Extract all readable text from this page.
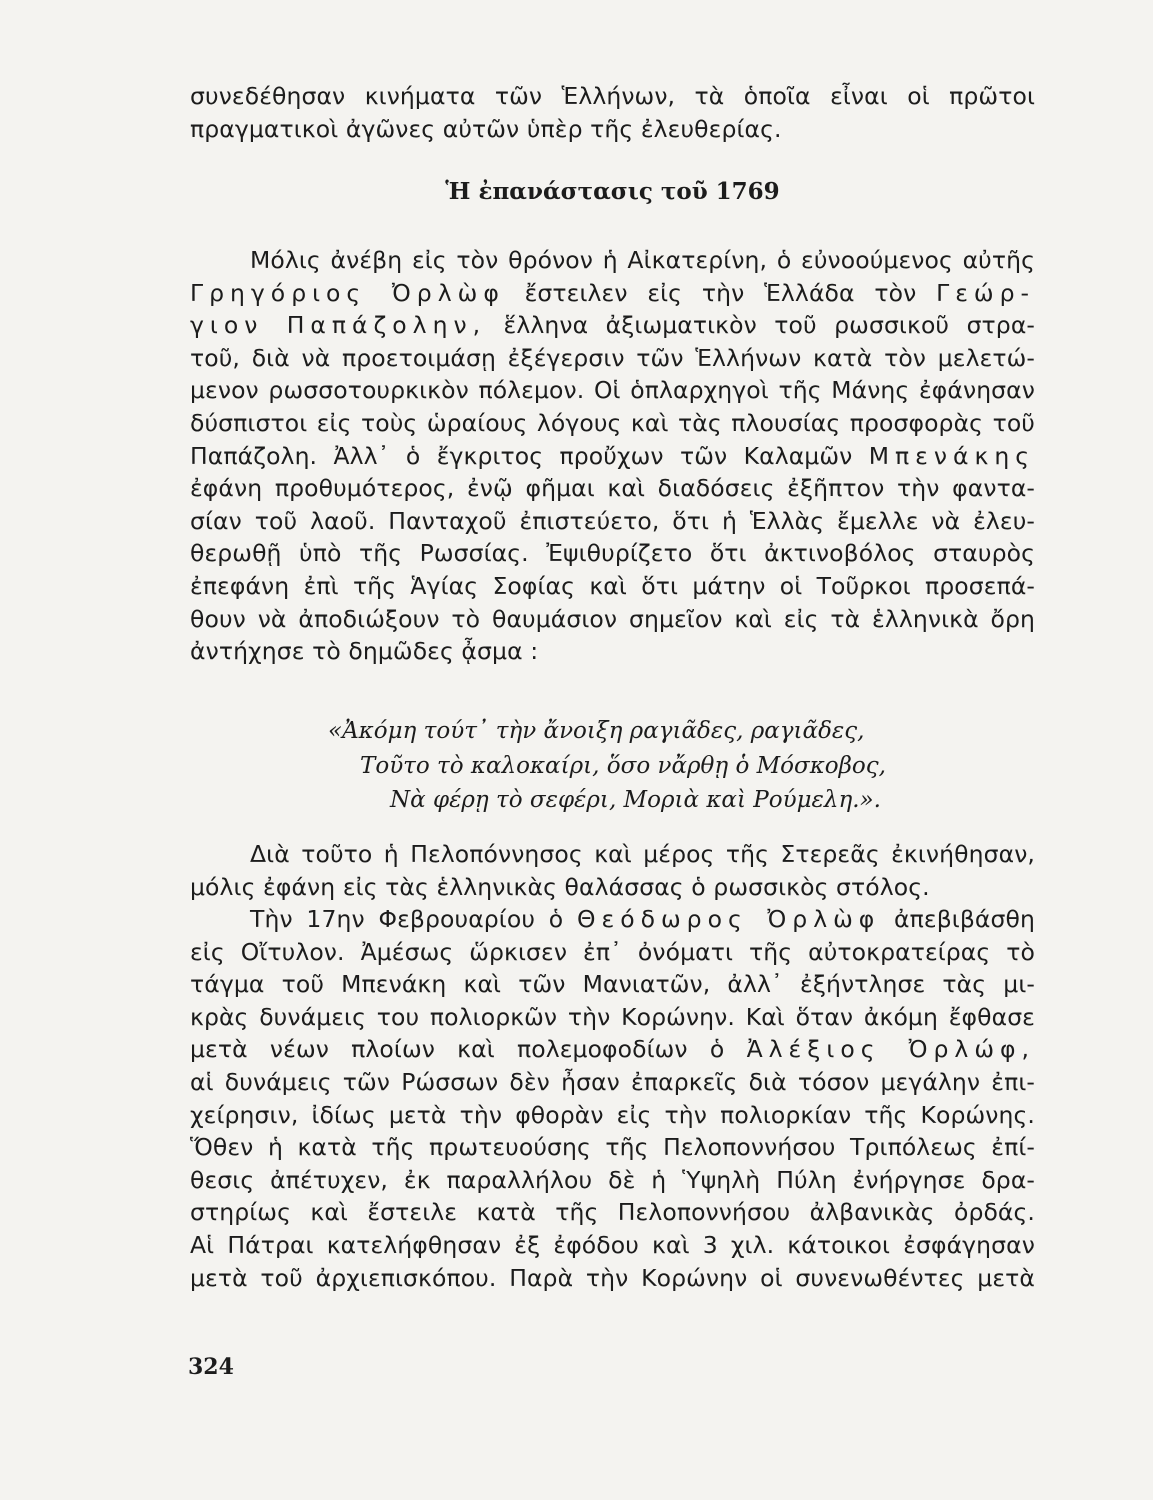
συνεδέθησαν κινήματα τῶν Ἑλλήνων, τὰ ὁποῖα εἶναι οἱ πρῶτοι
πραγματικοὶ ἀγῶνες αὐτῶν ὑπὲρ τῆς ἐλευθερίας.
Ἡ ἐπανάστασις τοῦ 1769
Μόλις ἀνέβη εἰς τὸν θρόνον ἡ Αἰκατερίνη, ὁ εὐνοούμενος αὐτῆς
Γρηγόριος Ὀρλὼφ ἔστειλεν εἰς τὴν Ἑλλάδα τὸν Γεώρ-
γιον Παπάζολην, ἕλληνα ἀξιωματικὸν τοῦ ρωσσικοῦ στρα-
τοῦ, διὰ νὰ προετοιμάσῃ ἐξέγερσιν τῶν Ἑλλήνων κατὰ τὸν μελετώ-
μενον ρωσσοτουρκικὸν πόλεμον. Οἱ ὁπλαρχηγοὶ τῆς Μάνης ἐφάνησαν
δύσπιστοι εἰς τοὺς ὡραίους λόγους καὶ τὰς πλουσίας προσφορὰς τοῦ
Παπάζολη. Ἀλλ᾽ ὁ ἔγκριτος προὔχων τῶν Καλαμῶν Μπενάκης
ἐφάνη προθυμότερος, ἐνῷ φῆμαι καὶ διαδόσεις ἐξῆπτον τὴν φαντα-
σίαν τοῦ λαοῦ. Πανταχοῦ ἐπιστεύετο, ὅτι ἡ Ἑλλὰς ἔμελλε νὰ ἐλευ-
θερωθῇ ὑπὸ τῆς Ρωσσίας. Ἐψιθυρίζετο ὅτι ἀκτινοβόλος σταυρὸς
ἐπεφάνη ἐπὶ τῆς Ἁγίας Σοφίας καὶ ὅτι μάτην οἱ Τοῦρκοι προσεπά-
θουν νὰ ἀποδιώξουν τὸ θαυμάσιον σημεῖον καὶ εἰς τὰ ἑλληνικὰ ὄρη
ἀντήχησε τὸ δημῶδες ᾆσμα :
«Ἀκόμη τούτ᾽ τὴν ἄνοιξη ραγιᾶδες, ραγιᾶδες,
Τοῦτο τὸ καλοκαίρι, ὅσο νἄρθῃ ὁ Μόσκοβος,
Νὰ φέρῃ τὸ σεφέρι, Μοριὰ καὶ Ρούμελη.».
Διὰ τοῦτο ἡ Πελοπόννησος καὶ μέρος τῆς Στερεᾶς ἐκινήθησαν,
μόλις ἐφάνη εἰς τὰς ἑλληνικὰς θαλάσσας ὁ ρωσσικὸς στόλος.
Τὴν 17ην Φεβρουαρίου ὁ Θεόδωρος Ὀρλὼφ ἀπεβιβάσθη
εἰς Οἴτυλον. Ἀμέσως ὥρκισεν ἐπ᾽ ὀνόματι τῆς αὐτοκρατείρας τὸ
τάγμα τοῦ Μπενάκη καὶ τῶν Μανιατῶν, ἀλλ᾽ ἐξήντλησε τὰς μι-
κρὰς δυνάμεις του πολιορκῶν τὴν Κορώνην. Καὶ ὅταν ἀκόμη ἔφθασε
μετὰ νέων πλοίων καὶ πολεμοφοδίων ὁ Ἀλέξιος Ὀρλώφ,
αἱ δυνάμεις τῶν Ρώσσων δὲν ἦσαν ἐπαρκεῖς διὰ τόσον μεγάλην ἐπι-
χείρησιν, ἰδίως μετὰ τὴν φθορὰν εἰς τὴν πολιορκίαν τῆς Κορώνης.
Ὅθεν ἡ κατὰ τῆς πρωτευούσης τῆς Πελοποννήσου Τριπόλεως ἐπί-
θεσις ἀπέτυχεν, ἐκ παραλλήλου δὲ ἡ Ὑψηλὴ Πύλη ἐνήργησε δρα-
στηρίως καὶ ἔστειλε κατὰ τῆς Πελοποννήσου ἀλβανικὰς ὀρδάς.
Αἱ Πάτραι κατελήφθησαν ἐξ ἐφόδου καὶ 3 χιλ. κάτοικοι ἐσφάγησαν
μετὰ τοῦ ἀρχιεπισκόπου. Παρὰ τὴν Κορώνην οἱ συνενωθέντες μετὰ
324
